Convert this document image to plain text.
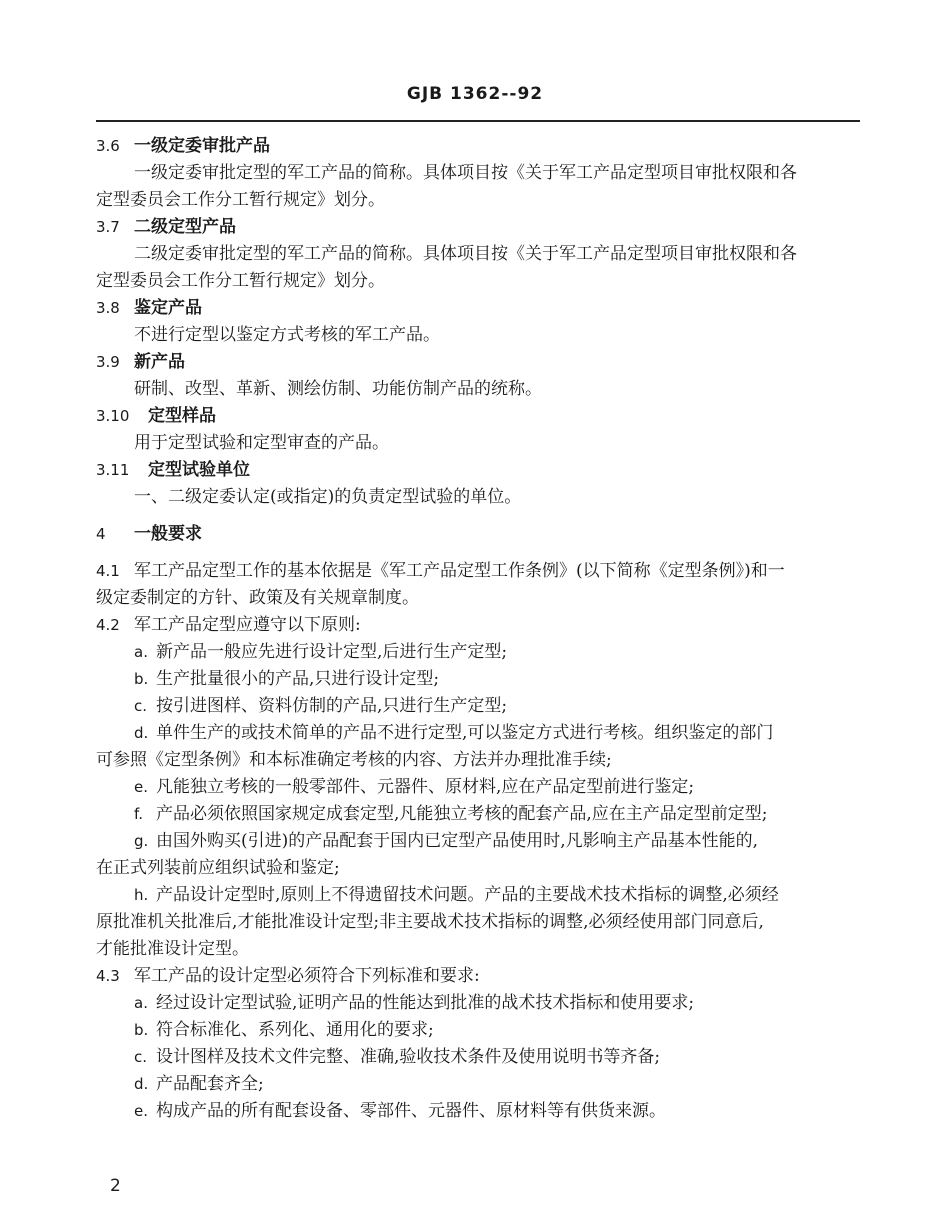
GJB 1362--92
3.6 一级定委审批产品
一级定委审批定型的军工产品的简称。具体项目按《关于军工产品定型项目审批权限和各
定型委员会工作分工暂行规定》划分。
3.7 二级定型产品
二级定委审批定型的军工产品的简称。具体项目按《关于军工产品定型项目审批权限和各
定型委员会工作分工暂行规定》划分。
3.8 鉴定产品
不进行定型以鉴定方式考核的军工产品。
3.9 新产品
研制、改型、革新、测绘仿制、功能仿制产品的统称。
3.10 定型样品
用于定型试验和定型审查的产品。
3.11 定型试验单位
一、二级定委认定(或指定)的负责定型试验的单位。
4 一般要求
4.1 军工产品定型工作的基本依据是《军工产品定型工作条例》(以下简称《定型条例》)和一
级定委制定的方针、政策及有关规章制度。
4.2 军工产品定型应遵守以下原则:
a. 新产品一般应先进行设计定型,后进行生产定型;
b. 生产批量很小的产品,只进行设计定型;
c. 按引进图样、资料仿制的产品,只进行生产定型;
d. 单件生产的或技术简单的产品不进行定型,可以鉴定方式进行考核。组织鉴定的部门
可参照《定型条例》和本标准确定考核的内容、方法并办理批准手续;
e. 凡能独立考核的一般零部件、元器件、原材料,应在产品定型前进行鉴定;
f. 产品必须依照国家规定成套定型,凡能独立考核的配套产品,应在主产品定型前定型;
g. 由国外购买(引进)的产品配套于国内已定型产品使用时,凡影响主产品基本性能的,
在正式列装前应组织试验和鉴定;
h. 产品设计定型时,原则上不得遗留技术问题。产品的主要战术技术指标的调整,必须经
原批准机关批准后,才能批准设计定型;非主要战术技术指标的调整,必须经使用部门同意后,
才能批准设计定型。
4.3 军工产品的设计定型必须符合下列标准和要求:
a. 经过设计定型试验,证明产品的性能达到批准的战术技术指标和使用要求;
b. 符合标准化、系列化、通用化的要求;
c. 设计图样及技术文件完整、准确,验收技术条件及使用说明书等齐备;
d. 产品配套齐全;
e. 构成产品的所有配套设备、零部件、元器件、原材料等有供货来源。
2
